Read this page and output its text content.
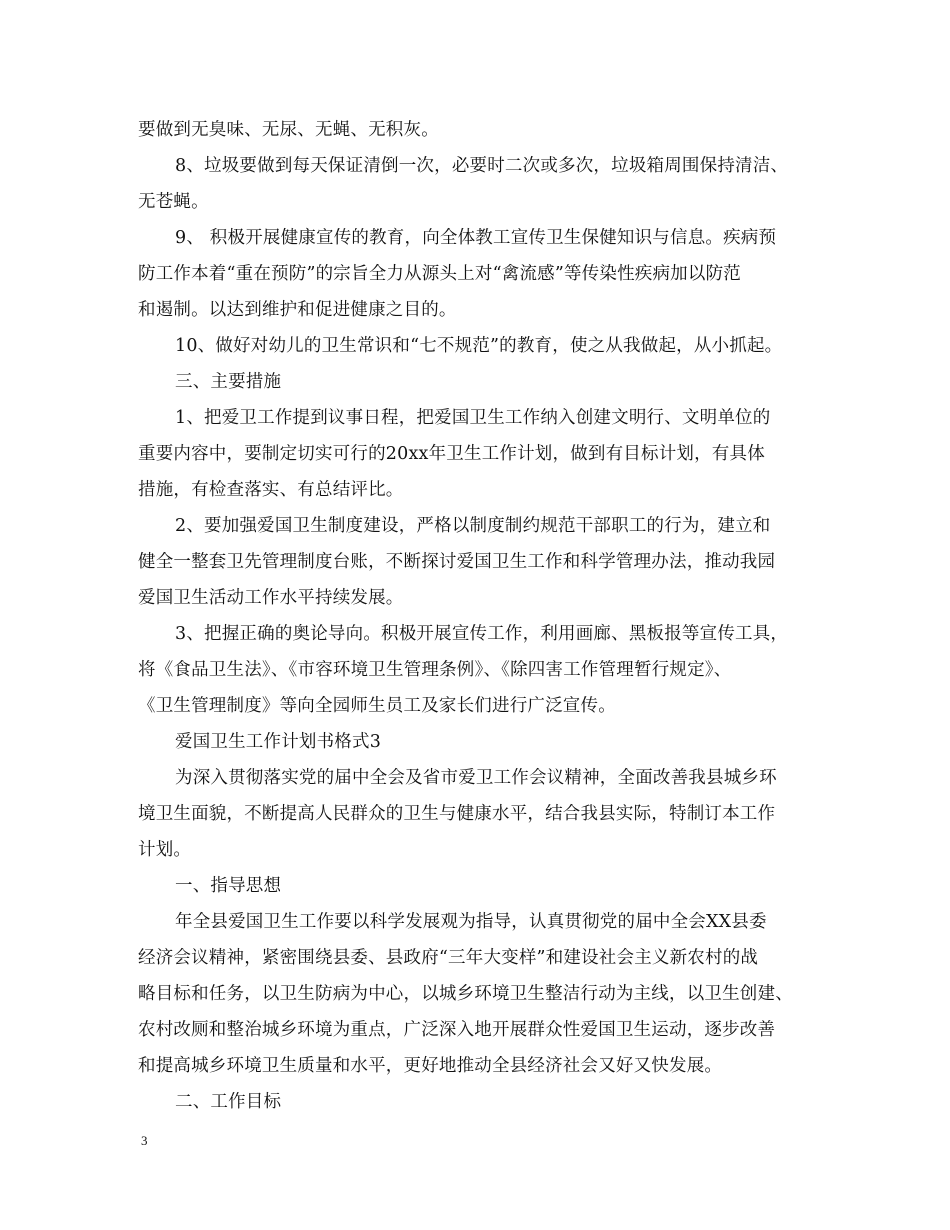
要做到无臭味、无尿、无蝇、无积灰。
8、垃圾要做到每天保证清倒一次，必要时二次或多次，垃圾箱周围保持清洁、
无苍蝇。
9、 积极开展健康宣传的教育，向全体教工宣传卫生保健知识与信息。疾病预
防工作本着“重在预防”的宗旨全力从源头上对“禽流感”等传染性疾病加以防范
和遏制。以达到维护和促进健康之目的。
10、做好对幼儿的卫生常识和“七不规范”的教育，使之从我做起，从小抓起。
三、主要措施
1、把爱卫工作提到议事日程，把爱国卫生工作纳入创建文明行、文明单位的
重要内容中，要制定切实可行的20xx年卫生工作计划，做到有目标计划，有具体
措施，有检查落实、有总结评比。
2、要加强爱国卫生制度建设，严格以制度制约规范干部职工的行为，建立和
健全一整套卫先管理制度台账，不断探讨爱国卫生工作和科学管理办法，推动我园
爱国卫生活动工作水平持续发展。
3、把握正确的奥论导向。积极开展宣传工作，利用画廊、黑板报等宣传工具，
将《食品卫生法》、《市容环境卫生管理条例》、《除四害工作管理暂行规定》、
《卫生管理制度》等向全园师生员工及家长们进行广泛宣传。
爱国卫生工作计划书格式3
为深入贯彻落实党的届中全会及省市爱卫工作会议精神，全面改善我县城乡环
境卫生面貌，不断提高人民群众的卫生与健康水平，结合我县实际，特制订本工作
计划。
一、指导思想
年全县爱国卫生工作要以科学发展观为指导，认真贯彻党的届中全会XX县委
经济会议精神，紧密围绕县委、县政府“三年大变样”和建设社会主义新农村的战
略目标和任务，以卫生防病为中心，以城乡环境卫生整洁行动为主线，以卫生创建、
农村改厕和整治城乡环境为重点，广泛深入地开展群众性爱国卫生运动，逐步改善
和提高城乡环境卫生质量和水平，更好地推动全县经济社会又好又快发展。
二、工作目标
3
